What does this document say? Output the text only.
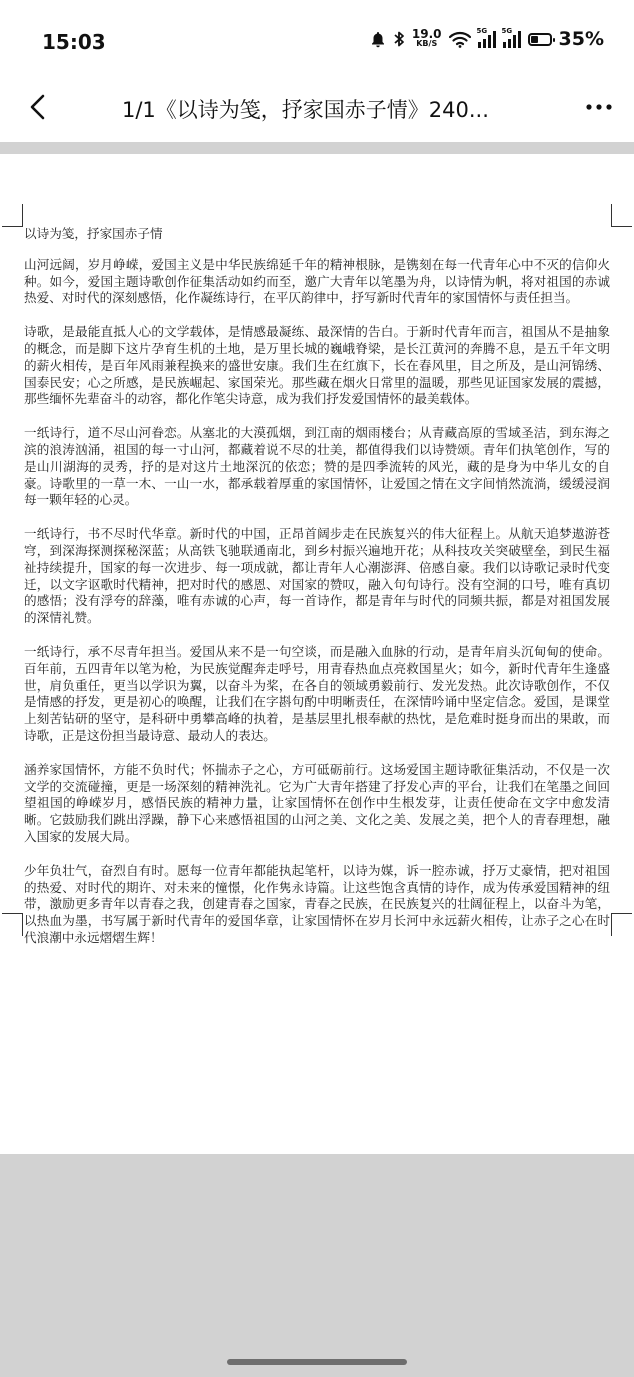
15:03	19.0
KB/S
5G 5G 35%
1/1《以诗为笺，抒家国赤子情》240...

以诗为笺，抒家国赤子情

山河远阔，岁月峥嵘，爱国主义是中华民族绵延千年的精神根脉，是镌刻在每一代青年心中不灭的信仰火种。如今，爱国主题诗歌创作征集活动如约而至，邀广大青年以笔墨为舟，以诗情为帆，将对祖国的赤诚热爱、对时代的深刻感悟，化作凝练诗行，在平仄韵律中，抒写新时代青年的家国情怀与责任担当。

诗歌，是最能直抵人心的文学载体，是情感最凝练、最深情的告白。于新时代青年而言，祖国从不是抽象的概念，而是脚下这片孕育生机的土地，是万里长城的巍峨脊梁，是长江黄河的奔腾不息，是五千年文明的薪火相传，是百年风雨兼程换来的盛世安康。我们生在红旗下，长在春风里，目之所及，是山河锦绣、国泰民安；心之所感，是民族崛起、家国荣光。那些藏在烟火日常里的温暖，那些见证国家发展的震撼，那些缅怀先辈奋斗的动容，都化作笔尖诗意，成为我们抒发爱国情怀的最美载体。

一纸诗行，道不尽山河眷恋。从塞北的大漠孤烟，到江南的烟雨楼台；从青藏高原的雪域圣洁，到东海之滨的浪涛汹涌，祖国的每一寸山河，都藏着说不尽的壮美，都值得我们以诗赞颂。青年们执笔创作，写的是山川湖海的灵秀，抒的是对这片土地深沉的依恋；赞的是四季流转的风光，藏的是身为中华儿女的自豪。诗歌里的一草一木、一山一水，都承载着厚重的家国情怀，让爱国之情在文字间悄然流淌，缓缓浸润每一颗年轻的心灵。

一纸诗行，书不尽时代华章。新时代的中国，正昂首阔步走在民族复兴的伟大征程上。从航天追梦遨游苍穹，到深海探测探秘深蓝；从高铁飞驰联通南北，到乡村振兴遍地开花；从科技攻关突破壁垒，到民生福祉持续提升，国家的每一次进步、每一项成就，都让青年人心潮澎湃、倍感自豪。我们以诗歌记录时代变迁，以文字讴歌时代精神，把对时代的感恩、对国家的赞叹，融入句句诗行。没有空洞的口号，唯有真切的感悟；没有浮夸的辞藻，唯有赤诚的心声，每一首诗作，都是青年与时代的同频共振，都是对祖国发展的深情礼赞。

一纸诗行，承不尽青年担当。爱国从来不是一句空谈，而是融入血脉的行动，是青年肩头沉甸甸的使命。百年前，五四青年以笔为枪，为民族觉醒奔走呼号，用青春热血点亮救国星火；如今，新时代青年生逢盛世，肩负重任，更当以学识为翼，以奋斗为桨，在各自的领域勇毅前行、发光发热。此次诗歌创作，不仅是情感的抒发，更是初心的唤醒，让我们在字斟句酌中明晰责任，在深情吟诵中坚定信念。爱国，是课堂上刻苦钻研的坚守，是科研中勇攀高峰的执着，是基层里扎根奉献的热忱，是危难时挺身而出的果敢，而诗歌，正是这份担当最诗意、最动人的表达。

涵养家国情怀，方能不负时代；怀揣赤子之心，方可砥砺前行。这场爱国主题诗歌征集活动，不仅是一次文学的交流碰撞，更是一场深刻的精神洗礼。它为广大青年搭建了抒发心声的平台，让我们在笔墨之间回望祖国的峥嵘岁月，感悟民族的精神力量，让家国情怀在创作中生根发芽，让责任使命在文字中愈发清晰。它鼓励我们跳出浮躁，静下心来感悟祖国的山河之美、文化之美、发展之美，把个人的青春理想，融入国家的发展大局。

少年负壮气，奋烈自有时。愿每一位青年都能执起笔杆，以诗为媒，诉一腔赤诚，抒万丈豪情，把对祖国的热爱、对时代的期许、对未来的憧憬，化作隽永诗篇。让这些饱含真情的诗作，成为传承爱国精神的纽带，激励更多青年以青春之我，创建青春之国家，青春之民族，在民族复兴的壮阔征程上，以奋斗为笔，以热血为墨，书写属于新时代青年的爱国华章，让家国情怀在岁月长河中永远薪火相传，让赤子之心在时代浪潮中永远熠熠生辉！
